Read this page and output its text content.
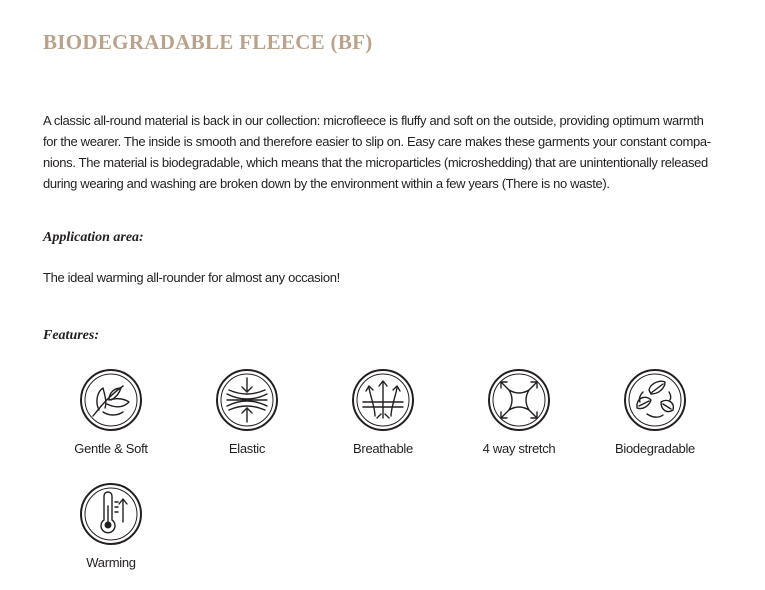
BIODEGRADABLE FLEECE (BF)

A classic all-round material is back in our collection: microfleece is fluffy and soft on the outside, providing optimum warmth
for the wearer. The inside is smooth and therefore easier to slip on. Easy care makes these garments your constant compa-
nions. The material is biodegradable, which means that the microparticles (microshedding) that are unintentionally released
during wearing and washing are broken down by the environment within a few years (There is no waste).

Application area:

The ideal warming all-rounder for almost any occasion!

Features:
Gentle & Soft	Elastic	Breathable	4 way stretch	Biodegradable
Warming
